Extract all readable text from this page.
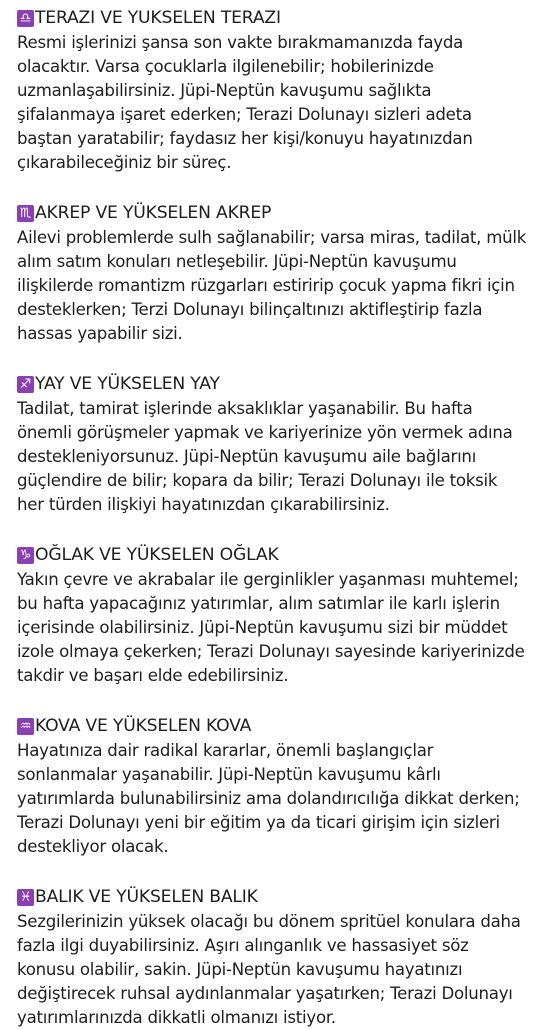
♎ TERAZI VE YUKSELEN TERAZI
Resmi işlerinizi şansa son vakte bırakmamanızda fayda
olacaktır. Varsa çocuklarla ilgilenebilir; hobilerinizde
uzmanlaşabilirsiniz. Jüpi-Neptün kavuşumu sağlıkta
şifalanmaya işaret ederken; Terazi Dolunayı sizleri adeta
baştan yaratabilir; faydasız her kişi/konuyu hayatınızdan
çıkarabileceğiniz bir süreç.
♏ AKREP VE YÜKSELEN AKREP
Ailevi problemlerde sulh sağlanabilir; varsa miras, tadilat, mülk
alım satım konuları netleşebilir. Jüpi-Neptün kavuşumu
ilişkilerde romantizm rüzgarları estiririp çocuk yapma fikri için
desteklerken; Terzi Dolunayı bilinçaltınızı aktifleştirip fazla
hassas yapabilir sizi.
♐ YAY VE YÜKSELEN YAY
Tadilat, tamirat işlerinde aksaklıklar yaşanabilir. Bu hafta
önemli görüşmeler yapmak ve kariyerinize yön vermek adına
destekleniyorsunuz. Jüpi-Neptün kavuşumu aile bağlarını
güçlendire de bilir; kopara da bilir; Terazi Dolunayı ile toksik
her türden ilişkiyi hayatınızdan çıkarabilirsiniz.
♑ OĞLAK VE YÜKSELEN OĞLAK
Yakın çevre ve akrabalar ile gerginlikler yaşanması muhtemel;
bu hafta yapacağınız yatırımlar, alım satımlar ile karlı işlerin
içerisinde olabilirsiniz. Jüpi-Neptün kavuşumu sizi bir müddet
izole olmaya çekerken; Terazi Dolunayı sayesinde kariyerinizde
takdir ve başarı elde edebilirsiniz.
♒ KOVA VE YÜKSELEN KOVA
Hayatınıza dair radikal kararlar, önemli başlangıçlar
sonlanmalar yaşanabilir. Jüpi-Neptün kavuşumu kârlı
yatırımlarda bulunabilirsiniz ama dolandırıcılığa dikkat derken;
Terazi Dolunayı yeni bir eğitim ya da ticari girişim için sizleri
destekliyor olacak.
♓ BALIK VE YÜKSELEN BALIK
Sezgilerinizin yüksek olacağı bu dönem spritüel konulara daha
fazla ilgi duyabilirsiniz. Aşırı alınganlık ve hassasiyet söz
konusu olabilir, sakin. Jüpi-Neptün kavuşumu hayatınızı
değiştirecek ruhsal aydınlanmalar yaşatırken; Terazi Dolunayı
yatırımlarınızda dikkatli olmanızı istiyor.
